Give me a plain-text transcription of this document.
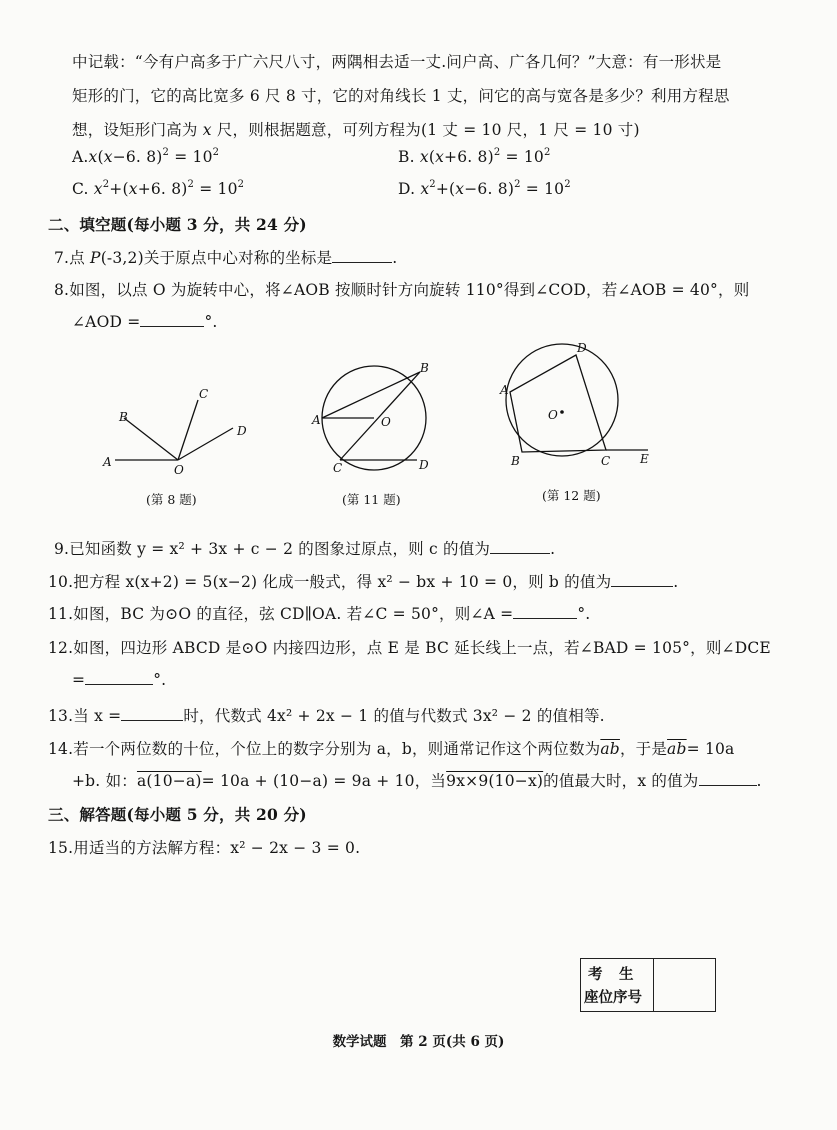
中记载：“今有户高多于广六尺八寸，两隅相去适一丈.问户高、广各几何？”大意：有一形状是
矩形的门，它的高比宽多 6 尺 8 寸，它的对角线长 1 丈，问它的高与宽各是多少？利用方程思
想，设矩形门高为 x 尺，则根据题意，可列方程为(1 丈 = 10 尺，1 尺 = 10 寸)
A.x(x−6. $8)^2 = 10^2$	B. x(x+6. $8)^2 = 10^2$
C. $x^2+(x+6$. $8)^2 = 10^2$	D. $x^2+(x-6$. $8)^2 = 10^2$
二、填空题(每小题 3 分，共 24 分)
7.点 P(-3,2)关于原点中心对称的坐标是	.
8.如图，以点 O 为旋转中心，将∠AOB 按顺时针方向旋转 110°得到∠COD，若∠AOB = 40°，则
∠AOD =	°.
A
B
C
D
O
B
A	O
C	D
A
D
O
B	C E
(第 8 题)	(第 11 题)	(第 12 题)
9.已知函数 y = x² + 3x + c − 2 的图象过原点，则 c 的值为	.
10.把方程 x(x+2) = 5(x−2) 化成一般式，得 x² − bx + 10 = 0，则 b 的值为	.
11.如图，BC 为⊙O 的直径，弦 CD∥OA. 若∠C = 50°，则∠A =	°.
12.如图，四边形 ABCD 是⊙O 内接四边形，点 E 是 BC 延长线上一点，若∠BAD = 105°，则∠DCE
=	°.
13.当 x =	时，代数式 4x² + 2x − 1 的值与代数式 3x² − 2 的值相等.
14.若一个两位数的十位，个位上的数字分别为 a，b，则通常记作这个两位数为$\overline{ab}$，于是$\overline{ab}= 10a$
+b. 如：a(10−a)= 10a + (10−a) = 9a + 10，当9x×9(10−x)的值最大时，x 的值为	.
三、解答题(每小题 5 分，共 20 分)
15.用适当的方法解方程：x² − 2x − 3 = 0.
考　生
座位序号
数学试题　第 2 页(共 6 页)
